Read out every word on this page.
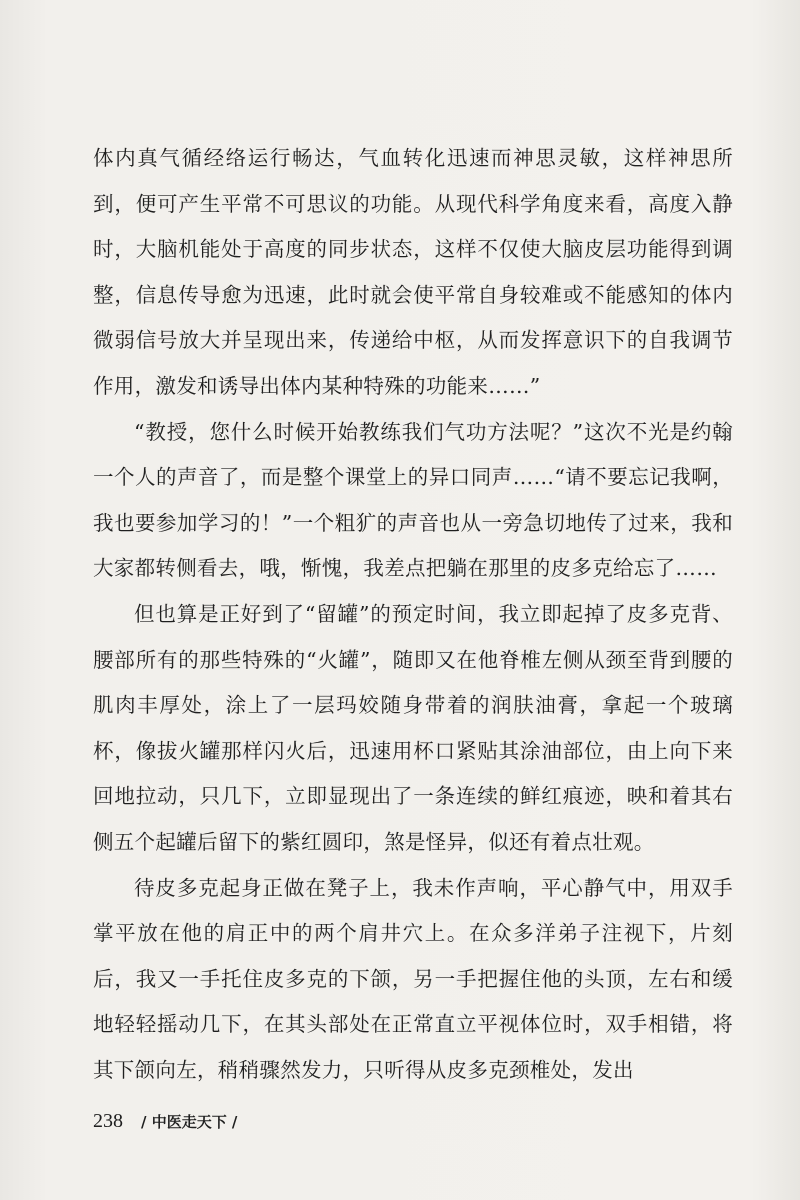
体内真气循经络运行畅达，气血转化迅速而神思灵敏，这样神思所到，便可产生平常不可思议的功能。从现代科学角度来看，高度入静时，大脑机能处于高度的同步状态，这样不仅使大脑皮层功能得到调整，信息传导愈为迅速，此时就会使平常自身较难或不能感知的体内微弱信号放大并呈现出来，传递给中枢，从而发挥意识下的自我调节作用，激发和诱导出体内某种特殊的功能来……”

“教授，您什么时候开始教练我们气功方法呢？”这次不光是约翰一个人的声音了，而是整个课堂上的异口同声……“请不要忘记我啊，我也要参加学习的！”一个粗犷的声音也从一旁急切地传了过来，我和大家都转侧看去，哦，惭愧，我差点把躺在那里的皮多克给忘了……

但也算是正好到了“留罐”的预定时间，我立即起掉了皮多克背、腰部所有的那些特殊的“火罐”，随即又在他脊椎左侧从颈至背到腰的肌肉丰厚处，涂上了一层玛姣随身带着的润肤油膏，拿起一个玻璃杯，像拔火罐那样闪火后，迅速用杯口紧贴其涂油部位，由上向下来回地拉动，只几下，立即显现出了一条连续的鲜红痕迹，映和着其右侧五个起罐后留下的紫红圆印，煞是怪异，似还有着点壮观。

待皮多克起身正做在凳子上，我未作声响，平心静气中，用双手掌平放在他的肩正中的两个肩井穴上。在众多洋弟子注视下，片刻后，我又一手托住皮多克的下颌，另一手把握住他的头顶，左右和缓地轻轻摇动几下，在其头部处在正常直立平视体位时，双手相错，将其下颌向左，稍稍骤然发力，只听得从皮多克颈椎处，发出

238 / 中医走天下 /
